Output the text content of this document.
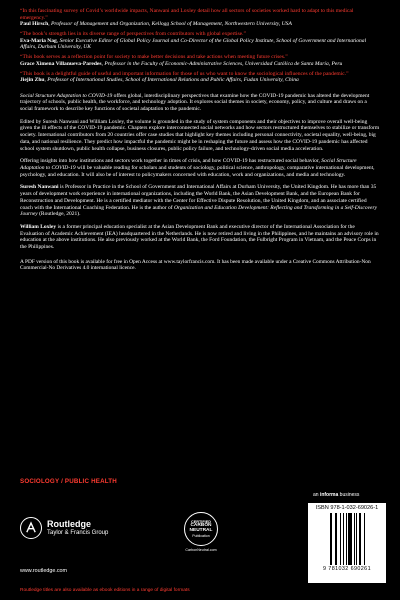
“In this fascinating survey of Covid’s worldwide impacts, Nanwani and Loxley detail how all sectors of societies worked hard to adapt to this medical emergency.”
Paul Hirsch, Professor of Management and Organization, Kellogg School of Management, Northwestern University, USA
“The book’s strength lies in its diverse range of perspectives from contributors with global expertise.”
Eva-Maria Nag, Senior Executive Editor of Global Policy Journal and Co-Director of the Global Policy Institute, School of Government and International Affairs, Durham University, UK
“This book serves as a reflection point for society to make better decisions and take actions when meeting future crises.”
Grace Ximena Villanueva-Paredes, Professor in the Faculty of Economic-Administrative Sciences, Universidad Católica de Santa María, Peru
“This book is a delightful guide of useful and important information for those of us who want to know the sociological influences of the pandemic.”
Jiejin Zhu, Professor of International Studies, School of International Relations and Public Affairs, Fudan University, China

Social Structure Adaptation to COVID-19 offers global, interdisciplinary perspectives that examine how the COVID-19 pandemic has altered the development trajectory of schools, public health, the workforce, and technology adoption. It explores social themes in society, economy, policy, and culture and draws on a social framework to describe key functions of societal adaptation to the pandemic.

Edited by Suresh Nanwani and William Loxley, the volume is grounded in the study of system components and their objectives to improve overall well-being given the ill effects of the COVID-19 pandemic. Chapters explore interconnected social networks and how sectors restructured themselves to stabilize or transform society. International contributors from 20 countries offer case studies that highlight key themes including personal connectivity, societal equality, well-being, big data, and national resilience. They predict how impactful the pandemic might be in reshaping the future and assess how the COVID-19 pandemic has affected school system shutdown, public health collapse, business closures, public policy failure, and technology-driven social media acceleration.

Offering insights into how institutions and sectors work together in times of crisis, and how COVID-19 has restructured social behavior, Social Structure Adaptation to COVID-19 will be valuable reading for scholars and students of sociology, political science, anthropology, comparative international development, psychology, and education. It will also be of interest to policymakers concerned with education, work and organizations, and media and technology.

Suresh Nanwani is Professor in Practice in the School of Government and International Affairs at Durham University, the United Kingdom. He has more than 35 years of development work experience in international organizations, including the World Bank, the Asian Development Bank, and the European Bank for Reconstruction and Development. He is a certified mediator with the Center for Effective Dispute Resolution, the United Kingdom, and an associate certified coach with the International Coaching Federation. He is the author of Organization and Education Development: Reflecting and Transforming in a Self-Discovery Journey (Routledge, 2021).

William Loxley is a former principal education specialist at the Asian Development Bank and executive director of the International Association for the Evaluation of Academic Achievement (IEA) headquartered in the Netherlands. He is now retired and living in the Philippines, and he maintains an advisory role in education at the above institutions. He also previously worked at the World Bank, the Ford Foundation, the Fulbright Program in Vietnam, and the Peace Corps in the Philippines.

A PDF version of this book is available for free in Open Access at www.taylorfrancis.com. It has been made available under a Creative Commons Attribution-Non Commercial-No Derivatives 4.0 international licence.
SOCIOLOGY / PUBLIC HEALTH
Routledge
Taylor & Francis Group
www.routledge.com
Routledge titles are also available as ebook editions in a range of digital formats
CERTIFIED
CARBON
NEUTRAL
Publication
CarbonNeutral.com
an informa business
ISBN 978-1-032-69026-1
9 781032 690261
